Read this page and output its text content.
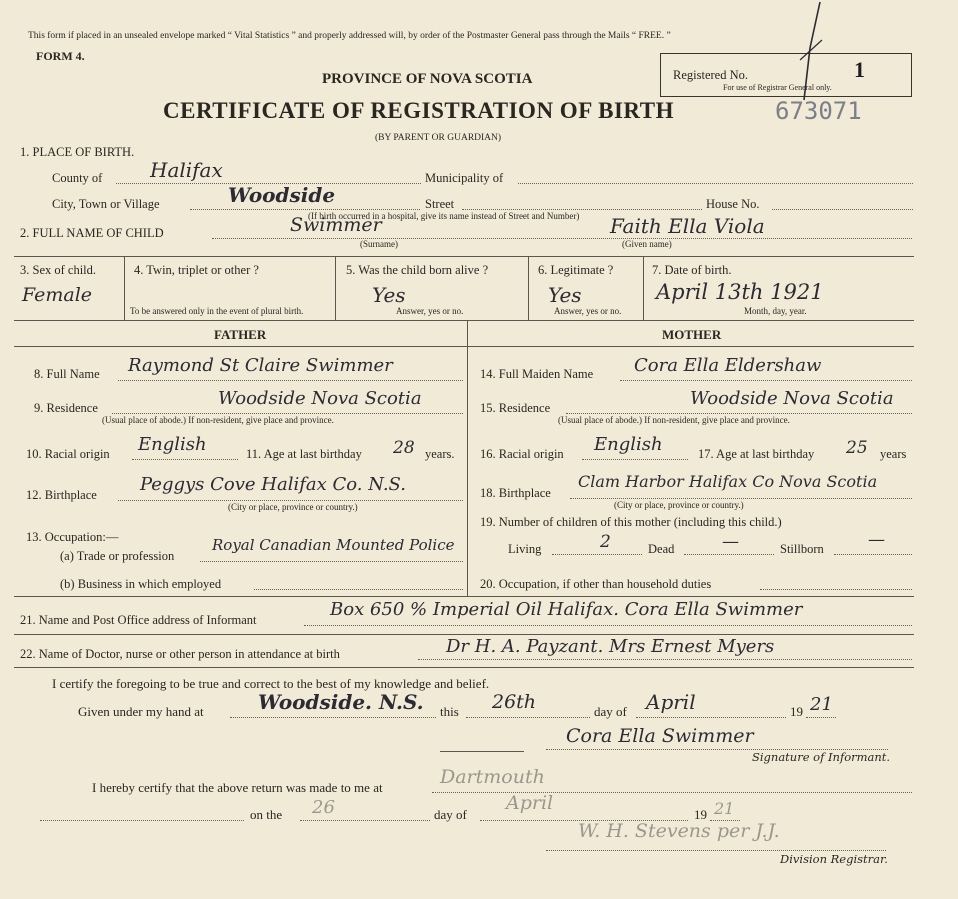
This form if placed in an unsealed envelope marked “ Vital Statistics ” and properly addressed will, by order of the Postmaster General pass through the Mails “ FREE. ”
FORM 4.
PROVINCE OF NOVA SCOTIA
CERTIFICATE OF REGISTRATION OF BIRTH
(BY PARENT OR GUARDIAN)
Registered No.	1
For use of Registrar General only.
673071
1. PLACE OF BIRTH.
County of Halifax	Municipality of
City, Town or Village	Woodside	Street	House No.
(If birth occurred in a hospital, give its name instead of Street and Number)
2. FULL NAME OF CHILD	Swimmer
(Surname)
Faith Ella Viola
(Given name)
3. Sex of child.
Female
4. Twin, triplet or other ?
To be answered only in the event of plural birth.
5. Was the child born alive ?
Yes
Answer, yes or no.
6. Legitimate ?
Yes
Answer, yes or no.
7. Date of birth.
April 13th 1921
Month, day, year.
FATHER	MOTHER
8. Full Name Raymond St Claire Swimmer
9. Residence	Woodside Nova Scotia
(Usual place of abode.) If non-resident, give place and province.
10. Racial origin English	11. Age at last birthday 28 years.
12. Birthplace Peggys Cove Halifax Co. N.S.
(City or place, province or country.)
13. Occupation:—
(a) Trade or profession
Royal Canadian Mounted Police
(b) Business in which employed
14. Full Maiden Name Cora Ella Eldershaw
15. Residence	Woodside Nova Scotia
(Usual place of abode.) If non-resident, give place and province.
16. Racial origin English	17. Age at last birthday 25 years
18. Birthplace
Clam Harbor Halifax Co Nova Scotia
(City or place, province or country.)
19. Number of children of this mother (including this child.)
Living	2	Dead	—	Stillborn	—
20. Occupation, if other than household duties
21. Name and Post Office address of Informant	Box 650 % Imperial Oil Halifax. Cora Ella Swimmer
22. Name of Doctor, nurse or other person in attendance at birth	Dr H. A. Payzant. Mrs Ernest Myers
I certify the foregoing to be true and correct to the best of my knowledge and belief.
Given under my hand at	Woodside. N.S. this 26th	day of April	19 21
Cora Ella Swimmer
Signature of Informant.
I hereby certify that the above return was made to me at	Dartmouth
on the 26	day of
April
19 21
W. H. Stevens per J.J.
Division Registrar.
